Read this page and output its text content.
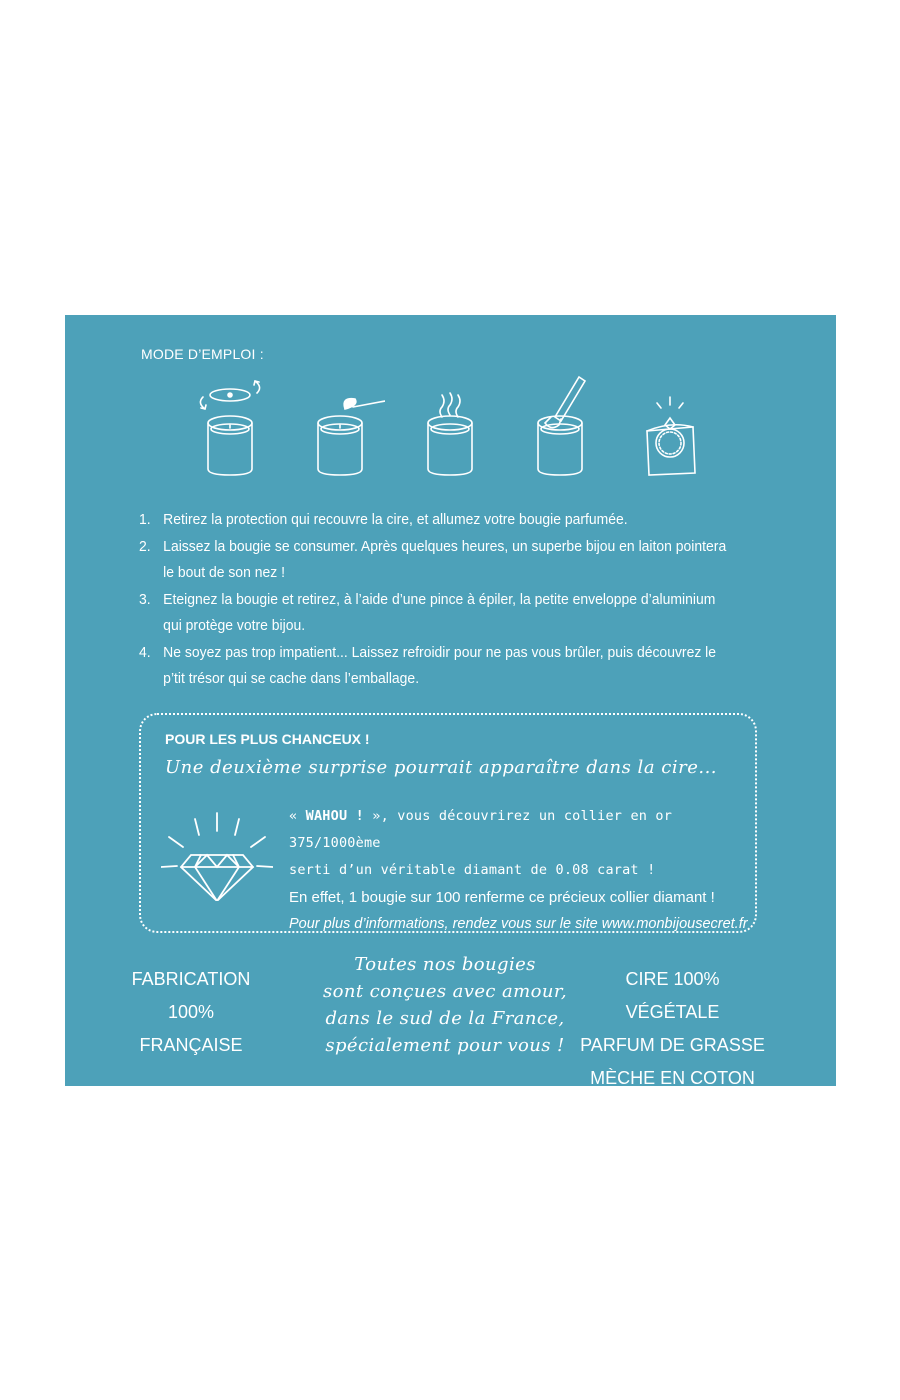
MODE D’EMPLOI :
1. Retirez la protection qui recouvre la cire, et allumez votre bougie parfumée.
2. Laissez la bougie se consumer. Après quelques heures, un superbe bijou en laiton pointera le bout de son nez !
3. Eteignez la bougie et retirez, à l’aide d’une pince à épiler, la petite enveloppe d’aluminium qui protège votre bijou.
4. Ne soyez pas trop impatient... Laissez refroidir pour ne pas vous brûler, puis découvrez le p’tit trésor qui se cache dans l’emballage.
POUR LES PLUS CHANCEUX !
Une deuxième surprise pourrait apparaître dans la cire...
« WAHOU ! », vous découvrirez un collier en or 375/1000ème
serti d’un véritable diamant de 0.08 carat !
En effet, 1 bougie sur 100 renferme ce précieux collier diamant !
Pour plus d’informations, rendez vous sur le site www.monbijousecret.fr
FABRICATION
100%
FRANÇAISE
Toutes nos bougies
sont conçues avec amour,
dans le sud de la France,
spécialement pour vous !
CIRE 100% VÉGÉTALE
PARFUM DE GRASSE
MÈCHE EN COTON
